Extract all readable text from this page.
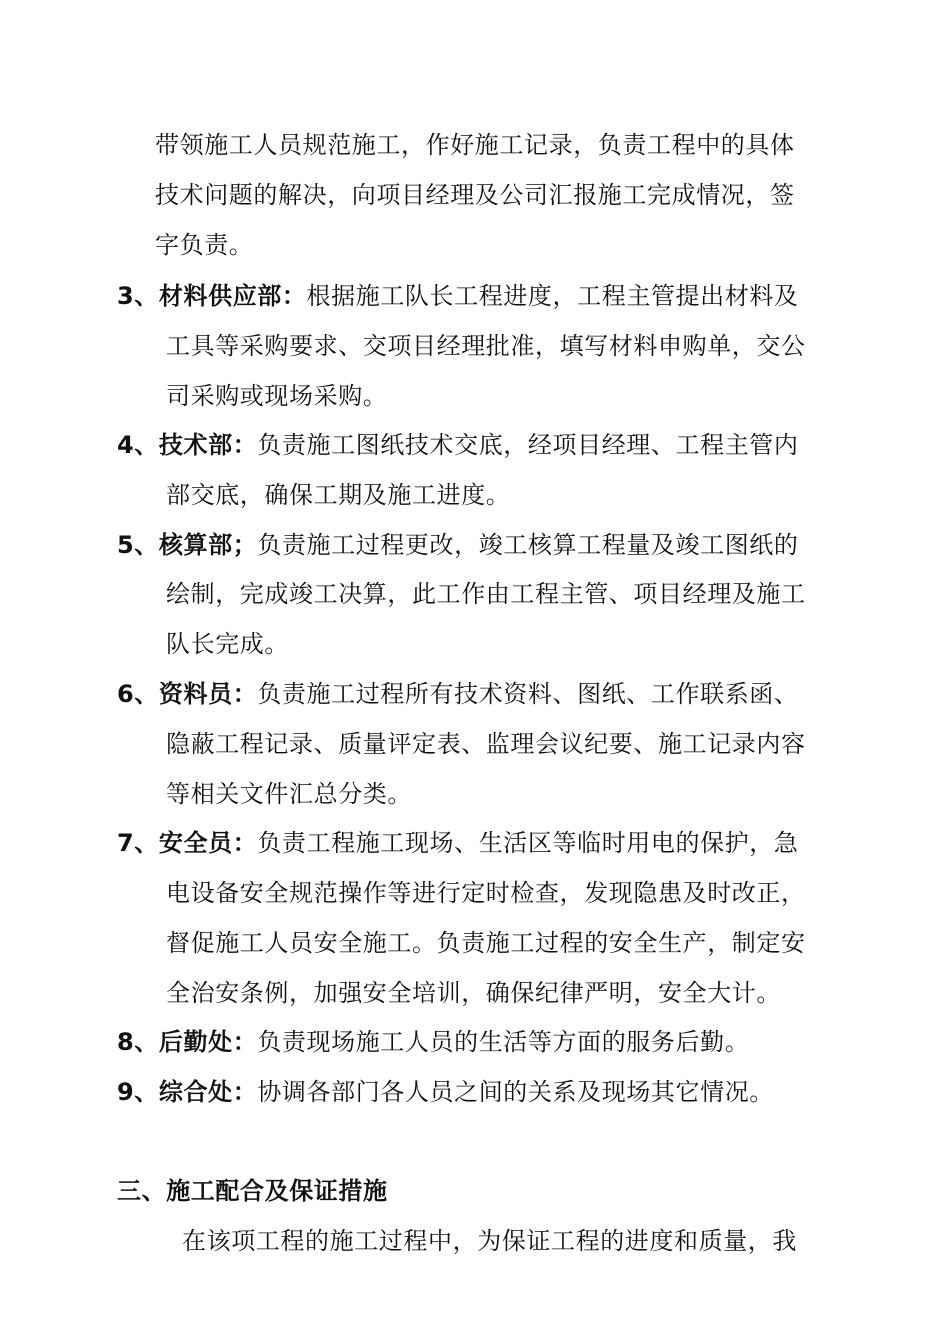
带领施工人员规范施工，作好施工记录，负责工程中的具体
技术问题的解决，向项目经理及公司汇报施工完成情况，签
字负责。
3、材料供应部：根据施工队长工程进度，工程主管提出材料及
工具等采购要求、交项目经理批准，填写材料申购单，交公
司采购或现场采购。
4、技术部：负责施工图纸技术交底，经项目经理、工程主管内
部交底，确保工期及施工进度。
5、核算部；负责施工过程更改，竣工核算工程量及竣工图纸的
绘制，完成竣工决算，此工作由工程主管、项目经理及施工
队长完成。
6、资料员：负责施工过程所有技术资料、图纸、工作联系函、
隐蔽工程记录、质量评定表、监理会议纪要、施工记录内容
等相关文件汇总分类。
7、安全员：负责工程施工现场、生活区等临时用电的保护，急
电设备安全规范操作等进行定时检查，发现隐患及时改正，
督促施工人员安全施工。负责施工过程的安全生产，制定安
全治安条例，加强安全培训，确保纪律严明，安全大计。
8、后勤处：负责现场施工人员的生活等方面的服务后勤。
9、综合处：协调各部门各人员之间的关系及现场其它情况。
三、施工配合及保证措施
在该项工程的施工过程中，为保证工程的进度和质量，我
